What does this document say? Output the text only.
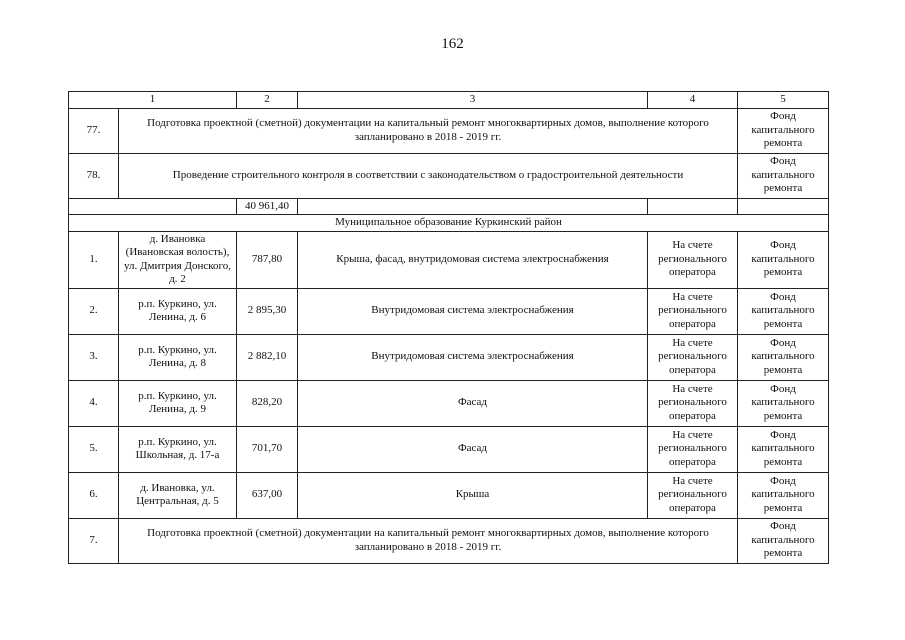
162
1		2	3	4	5
77.	Подготовка проектной (сметной) документации на капитальный ремонт многоквартирных домов, выполнение которого запланировано в 2018 - 2019 гг.				Фонд капитального ремонта
78.	Проведение строительного контроля в соответствии с законодательством о градостроительной деятельности				Фонд капитального ремонта
		40 961,40			
Муниципальное образование Куркинский район					
1.	д. Ивановка (Ивановская волость), ул. Дмитрия Донского, д. 2	787,80	Крыша, фасад, внутридомовая система электроснабжения	На счете регионального оператора	Фонд капитального ремонта
2.	р.п. Куркино, ул. Ленина, д. 6	2 895,30	Внутридомовая система электроснабжения	На счете регионального оператора	Фонд капитального ремонта
3.	р.п. Куркино, ул. Ленина, д. 8	2 882,10	Внутридомовая система электроснабжения	На счете регионального оператора	Фонд капитального ремонта
4.	р.п. Куркино, ул. Ленина, д. 9	828,20	Фасад	На счете регионального оператора	Фонд капитального ремонта
5.	р.п. Куркино, ул. Школьная, д. 17-а	701,70	Фасад	На счете регионального оператора	Фонд капитального ремонта
6.	д. Ивановка, ул. Центральная, д. 5	637,00	Крыша	На счете регионального оператора	Фонд капитального ремонта
7.	Подготовка проектной (сметной) документации на капитальный ремонт многоквартирных домов, выполнение которого запланировано в 2018 - 2019 гг.				Фонд капитального ремонта
